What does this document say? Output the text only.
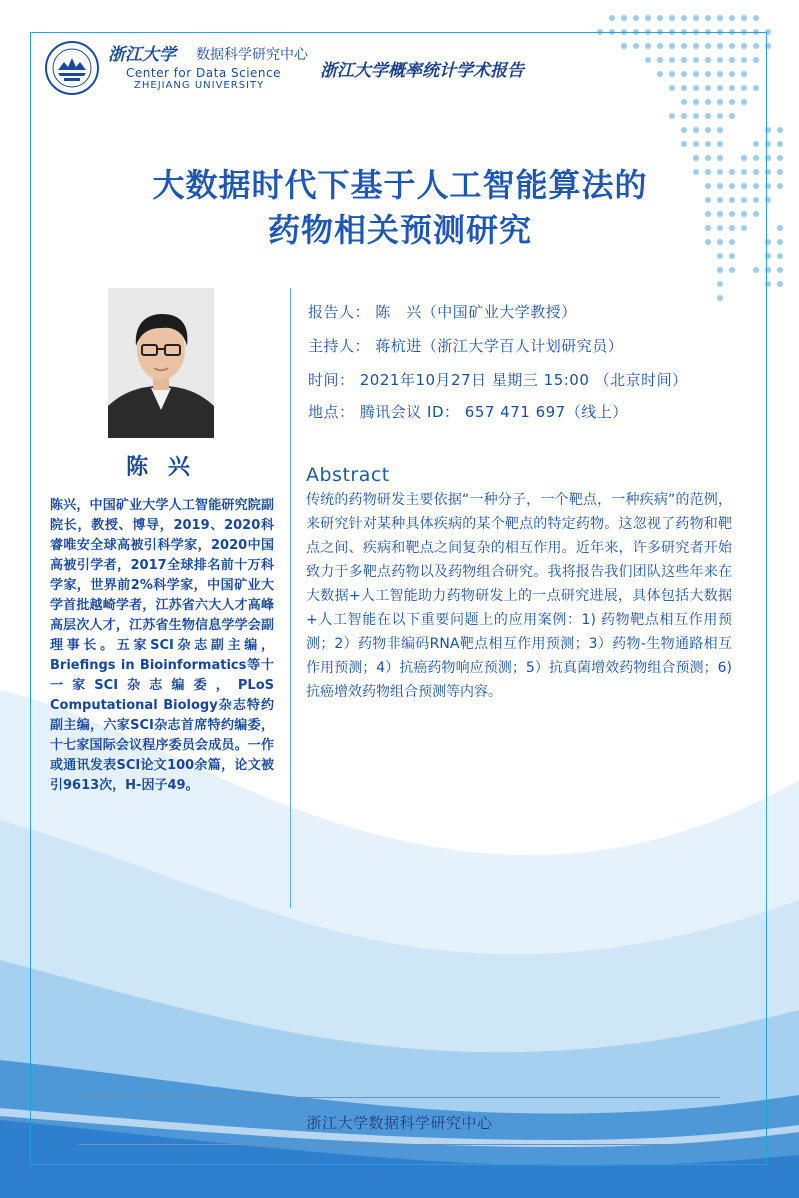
浙江大学 数据科学研究中心
Center for Data Science
ZHEJIANG UNIVERSITY
浙江大学概率统计学术报告
大数据时代下基于人工智能算法的
药物相关预测研究
陈 兴
陈兴，中国矿业大学人工智能研究院副院长，教授、博导，2019、2020科睿唯安全球高被引科学家，2020中国高被引学者，2017全球排名前十万科学家，世界前2%科学家，中国矿业大学首批越崎学者，江苏省六大人才高峰高层次人才，江苏省生物信息学学会副理事长。五家SCI杂志副主编，Briefings in Bioinformatics等十一家SCI杂志编委，PLoS Computational Biology杂志特约副主编，六家SCI杂志首席特约编委，十七家国际会议程序委员会成员。一作或通讯发表SCI论文100余篇，论文被引9613次，H-因子49。
报告人： 陈　兴（中国矿业大学教授）
主持人： 蒋杭进（浙江大学百人计划研究员）
时间： 2021年10月27日 星期三 15:00 （北京时间）
地点： 腾讯会议 ID： 657 471 697（线上）
Abstract
传统的药物研发主要依据“一种分子，一个靶点，一种疾病”的范例，来研究针对某种具体疾病的某个靶点的特定药物。这忽视了药物和靶点之间、疾病和靶点之间复杂的相互作用。近年来，许多研究者开始致力于多靶点药物以及药物组合研究。我将报告我们团队这些年来在大数据+人工智能助力药物研发上的一点研究进展，具体包括大数据+人工智能在以下重要问题上的应用案例：1) 药物靶点相互作用预测；2）药物非编码RNA靶点相互作用预测；3）药物-生物通路相互作用预测；4）抗癌药物响应预测；5）抗真菌增效药物组合预测；6) 抗癌增效药物组合预测等内容。
浙江大学数据科学研究中心
